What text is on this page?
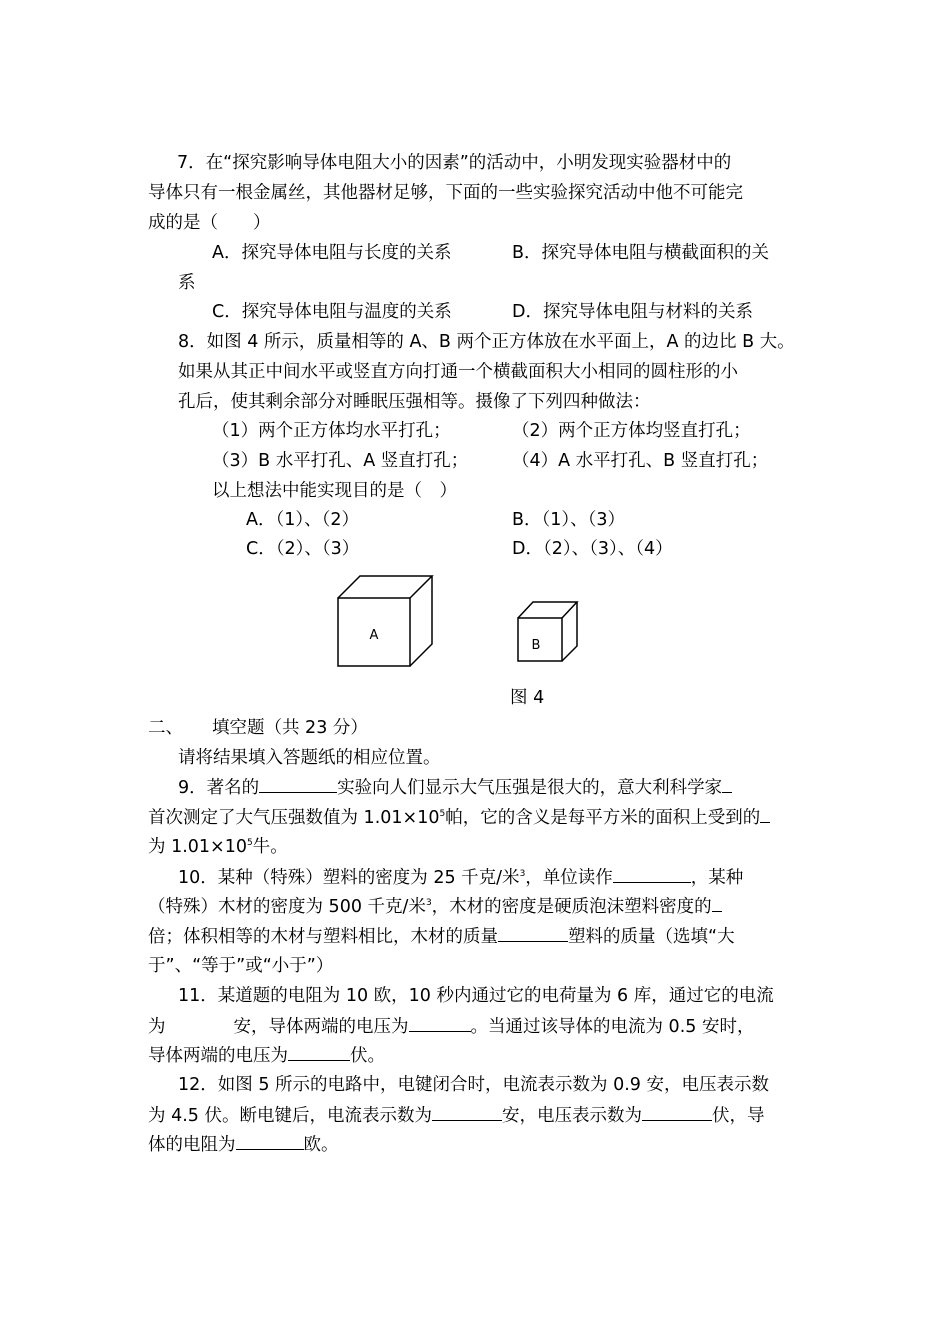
7．在“探究影响导体电阻大小的因素”的活动中，小明发现实验器材中的
导体只有一根金属丝，其他器材足够，下面的一些实验探究活动中他不可能完
成的是（　　）
A．探究导体电阻与长度的关系	B．探究导体电阻与横截面积的关
系
C．探究导体电阻与温度的关系	D．探究导体电阻与材料的关系
8．如图 4 所示，质量相等的 A、B 两个正方体放在水平面上，A 的边比 B 大。
如果从其正中间水平或竖直方向打通一个横截面积大小相同的圆柱形的小
孔后，使其剩余部分对睡眠压强相等。摄像了下列四种做法：
（1）两个正方体均水平打孔；	（2）两个正方体均竖直打孔；
（3）B 水平打孔、A 竖直打孔；	（4）A 水平打孔、B 竖直打孔；
以上想法中能实现目的是（　）
A．（1）、（2）	B．（1）、（3）
C．（2）、（3）	D．（2）、（3）、（4）
A
B
图 4
二、 填空题（共 23 分）
请将结果填入答题纸的相应位置。
9．著名的	实验向人们显示大气压强是很大的，意大利科学家
首次测定了大气压强数值为 $1.01\times 10^5$帕，它的含义是每平方米的面积上受到的
为 $1.01\times 10^5$牛。
10．某种（特殊）塑料的密度为 25 千克/米$^3$，单位读作	，某种
（特殊）木材的密度为 500 千克/米$^3$，木材的密度是硬质泡沫塑料密度的
倍；体积相等的木材与塑料相比，木材的质量	塑料的质量（选填“大
于”、“等于”或“小于”）
11．某道题的电阻为 10 欧，10 秒内通过它的电荷量为 6 库，通过它的电流
为	安，导体两端的电压为	。当通过该导体的电流为 0.5 安时，
导体两端的电压为	伏。
12．如图 5 所示的电路中，电键闭合时，电流表示数为 0.9 安，电压表示数
为 4.5 伏。断电键后，电流表示数为	安，电压表示数为	伏，导
体的电阻为	欧。
